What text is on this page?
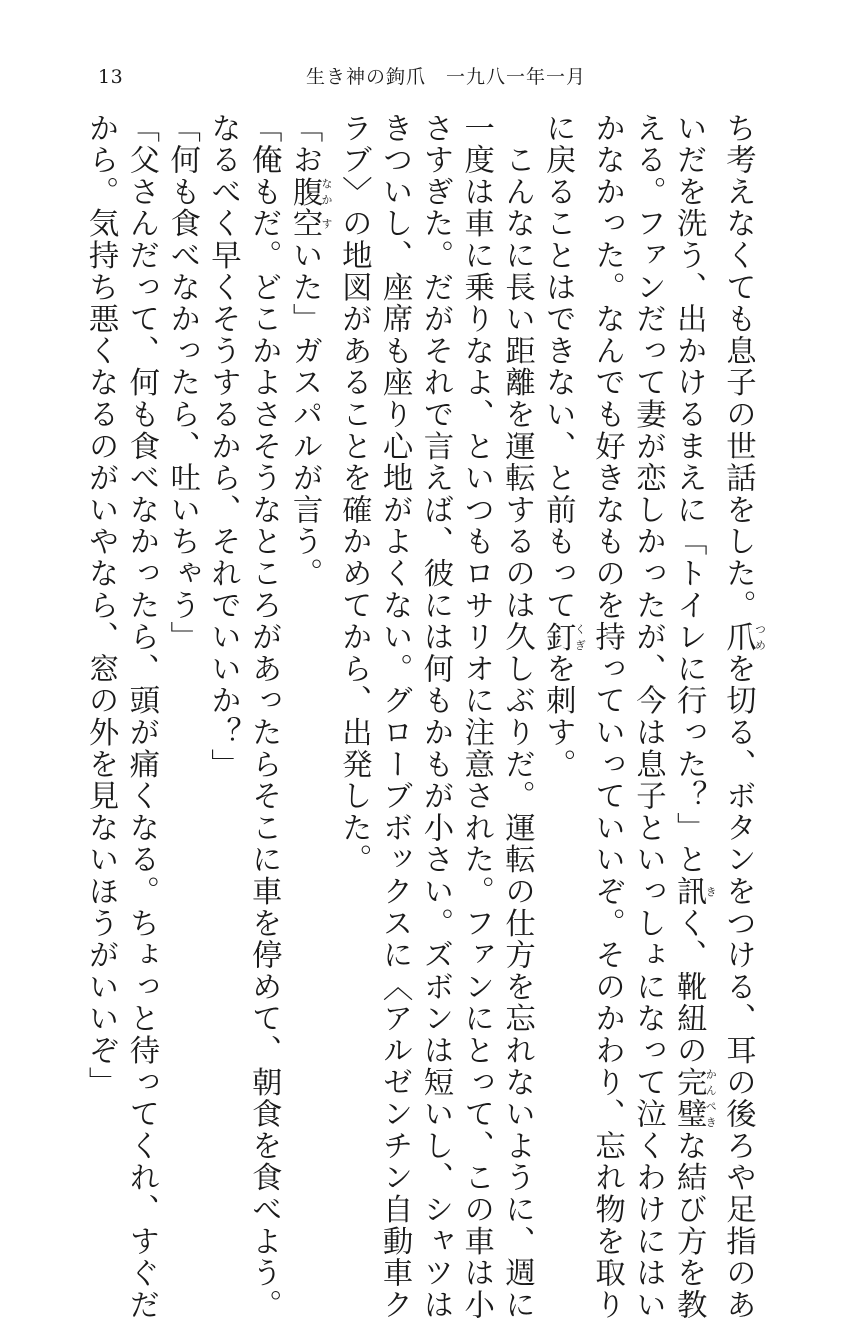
13	生き神の鉤爪　一九八一年一月
ち考えなくても息子の世話をした。爪つめを切る、ボタンをつける、耳の後ろや足指のあ
いだを洗う、出かけるまえに「トイレに行った？」と訊きく、靴紐の完璧かんぺきな結び方を教
える。ファンだって妻が恋しかったが、今は息子といっしょになって泣くわけにはい
かなかった。なんでも好きなものを持っていっていいぞ。そのかわり、忘れ物を取り
に戻ることはできない、と前もって釘くぎを刺す。
　こんなに長い距離を運転するのは久しぶりだ。運転の仕方を忘れないように、週に
一度は車に乗りなよ、といつもロサリオに注意された。ファンにとって、この車は小
さすぎた。だがそれで言えば、彼には何もかもが小さい。ズボンは短いし、シャツは
きついし、座席も座り心地がよくない。グローブボックスに〈アルゼンチン自動車ク
ラブ〉の地図があることを確かめてから、出発した。
「お腹なか空すいた」ガスパルが言う。
「俺もだ。どこかよさそうなところがあったらそこに車を停めて、朝食を食べよう。
なるべく早くそうするから、それでいいか？」
「何も食べなかったら、吐いちゃう」
「父さんだって、何も食べなかったら、頭が痛くなる。ちょっと待ってくれ、すぐだ
から。気持ち悪くなるのがいやなら、窓の外を見ないほうがいいぞ」
